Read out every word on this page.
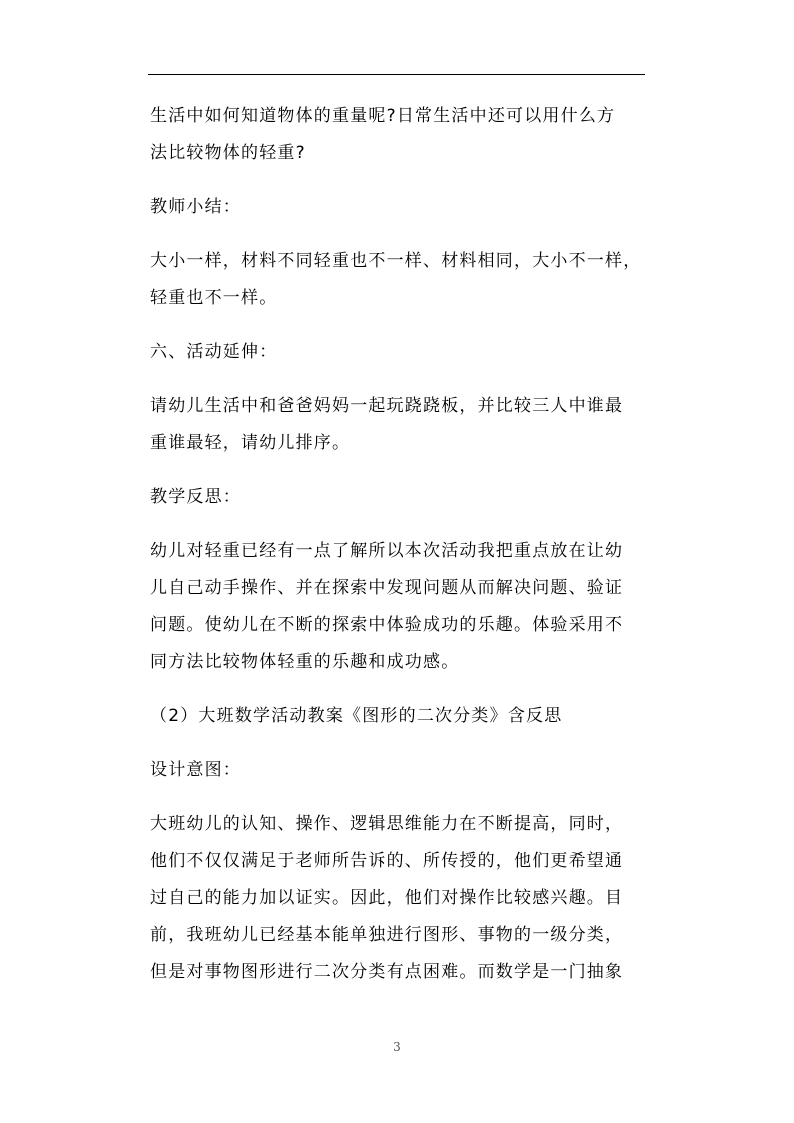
生活中如何知道物体的重量呢?日常生活中还可以用什么方
法比较物体的轻重?
教师小结：
大小一样，材料不同轻重也不一样、材料相同，大小不一样，
轻重也不一样。
六、活动延伸：
请幼儿生活中和爸爸妈妈一起玩跷跷板，并比较三人中谁最
重谁最轻，请幼儿排序。
教学反思：
幼儿对轻重已经有一点了解所以本次活动我把重点放在让幼
儿自己动手操作、并在探索中发现问题从而解决问题、验证
问题。使幼儿在不断的探索中体验成功的乐趣。体验采用不
同方法比较物体轻重的乐趣和成功感。
（2）大班数学活动教案《图形的二次分类》含反思
设计意图：
大班幼儿的认知、操作、逻辑思维能力在不断提高，同时，
他们不仅仅满足于老师所告诉的、所传授的，他们更希望通
过自己的能力加以证实。因此，他们对操作比较感兴趣。目
前，我班幼儿已经基本能单独进行图形、事物的一级分类，
但是对事物图形进行二次分类有点困难。而数学是一门抽象
3
